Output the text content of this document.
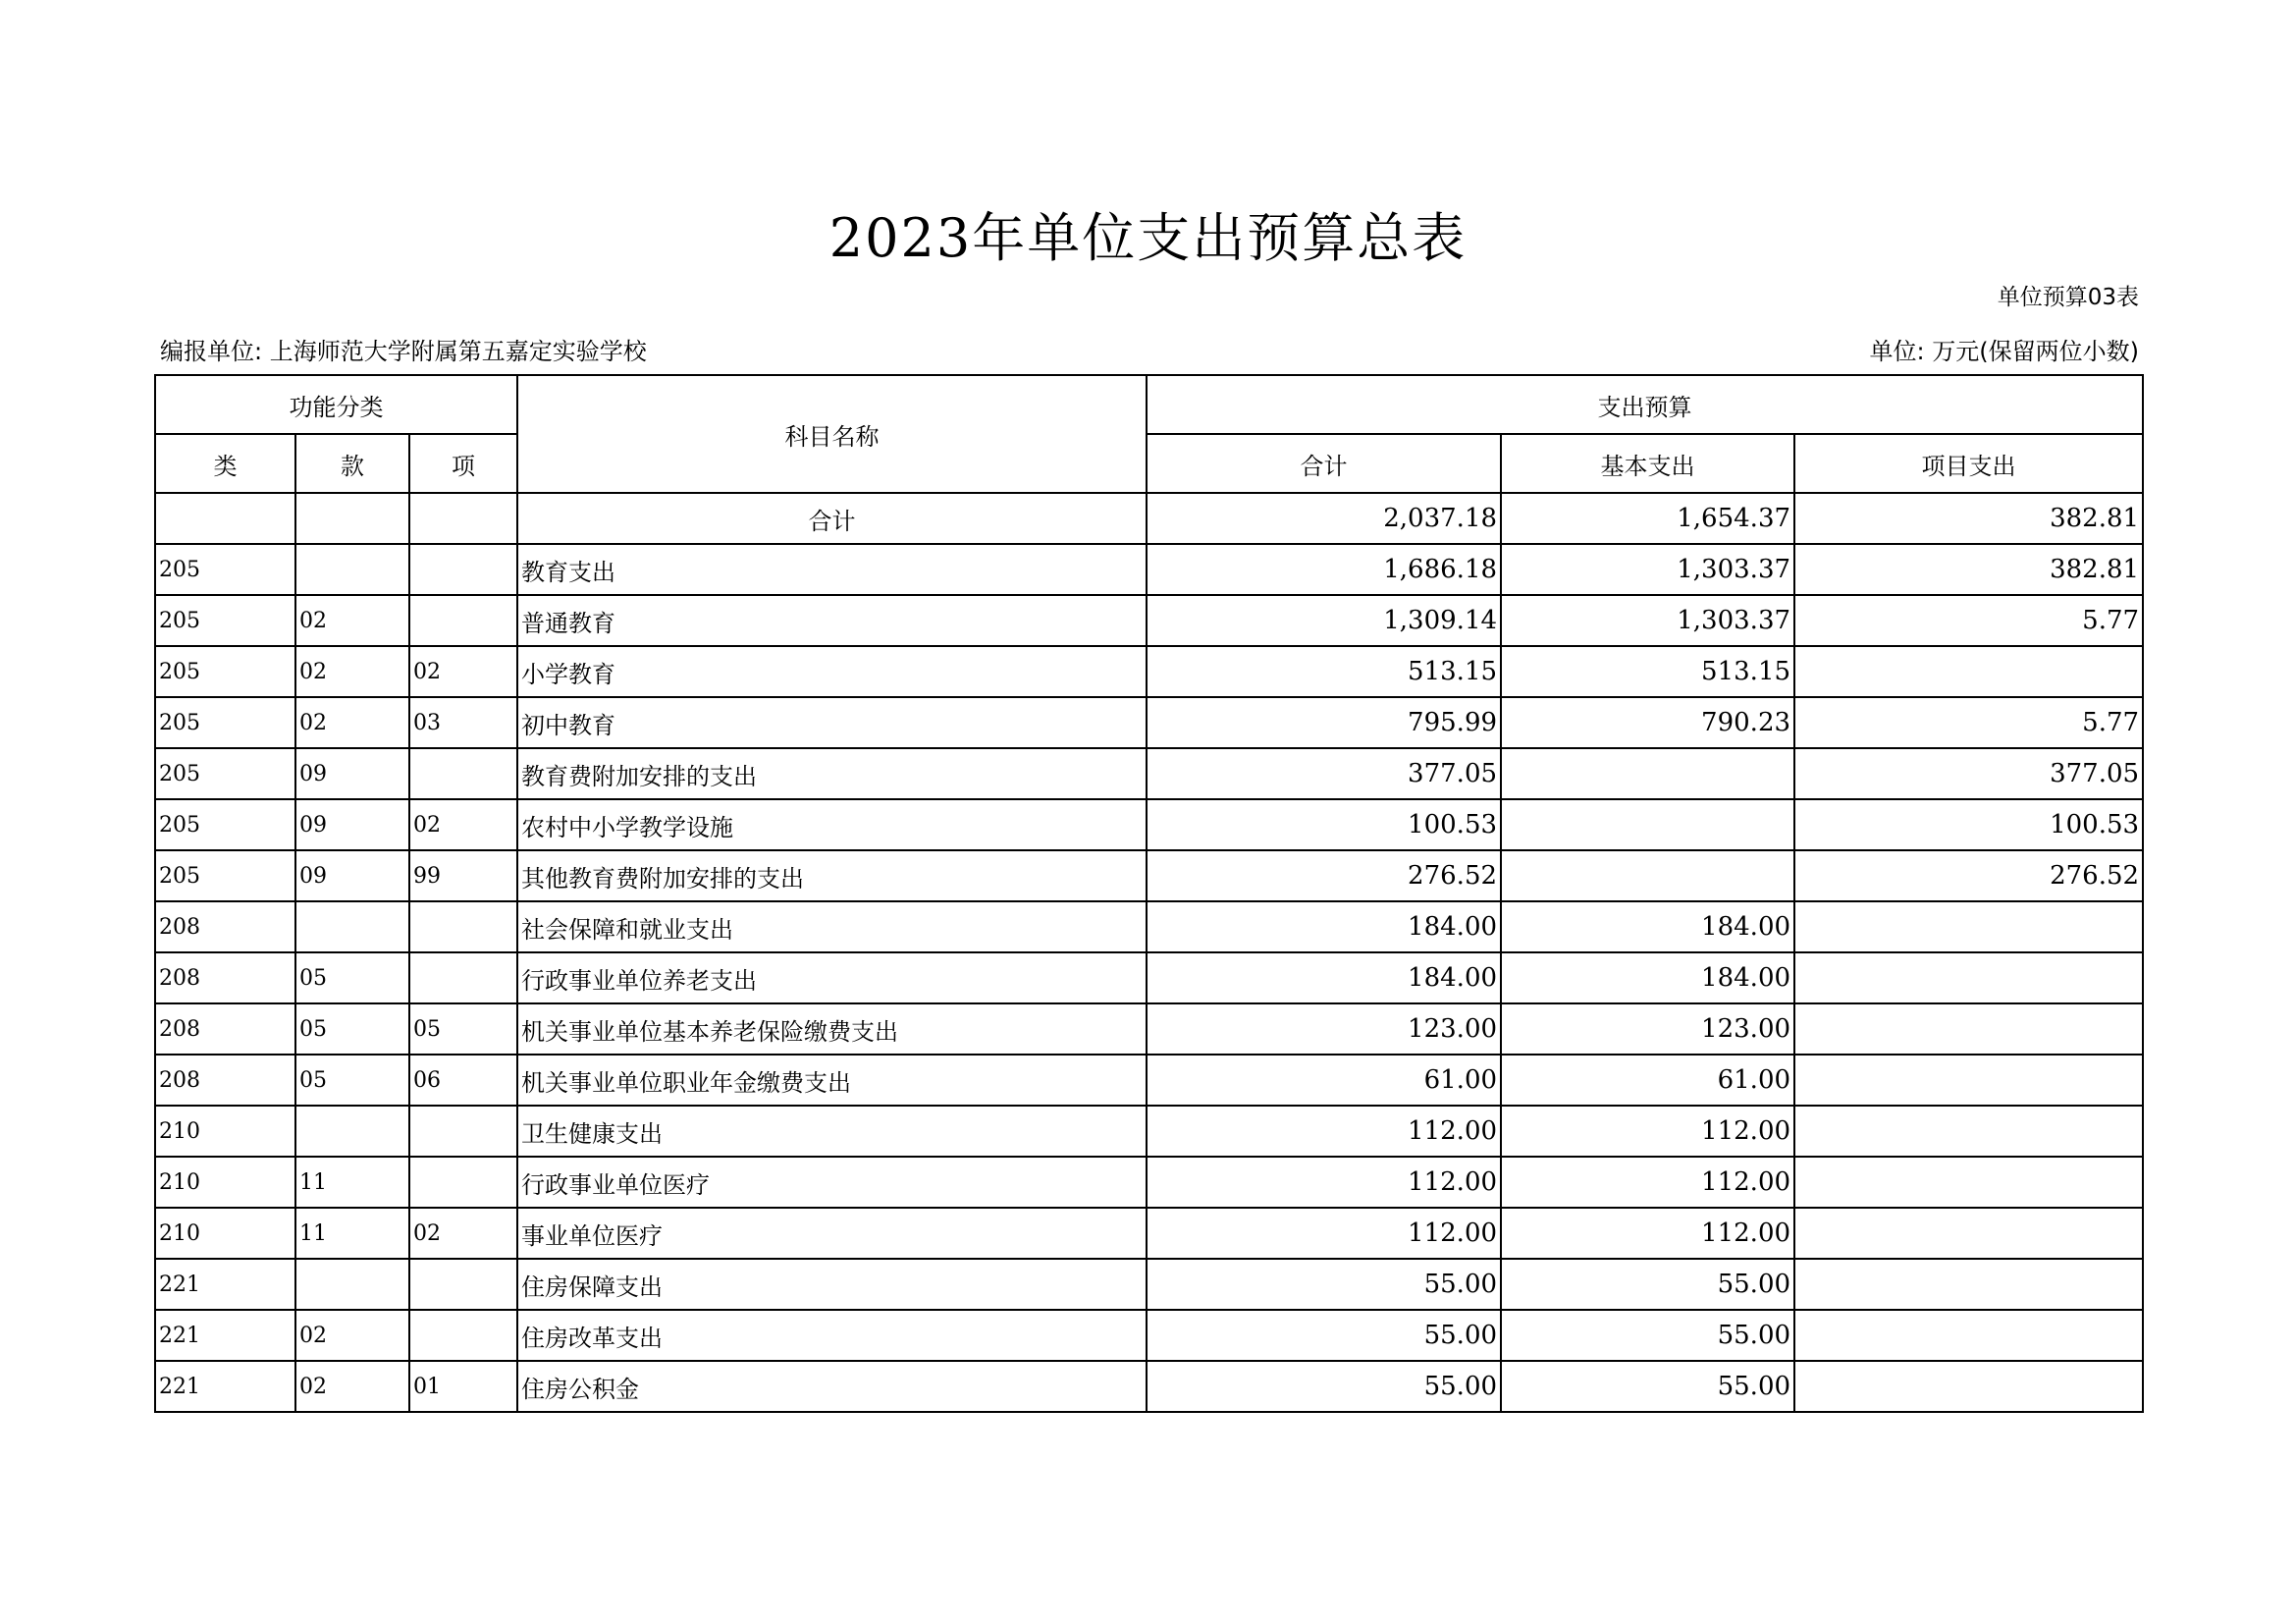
2023年单位支出预算总表
单位预算03表
编报单位: 上海师范大学附属第五嘉定实验学校	单位: 万元(保留两位小数)
功能分类			科目名称	支出预算		
类	款	项		合计	基本支出	项目支出
			合计	2,037.18	1,654.37	382.81
205			教育支出	1,686.18	1,303.37	382.81
205	02		普通教育	1,309.14	1,303.37	5.77
205	02	02	小学教育	513.15	513.15	
205	02	03	初中教育	795.99	790.23	5.77
205	09		教育费附加安排的支出	377.05		377.05
205	09	02	农村中小学教学设施	100.53		100.53
205	09	99	其他教育费附加安排的支出	276.52		276.52
208			社会保障和就业支出	184.00	184.00	
208	05		行政事业单位养老支出	184.00	184.00	
208	05	05	机关事业单位基本养老保险缴费支出	123.00	123.00	
208	05	06	机关事业单位职业年金缴费支出	61.00	61.00	
210			卫生健康支出	112.00	112.00	
210	11		行政事业单位医疗	112.00	112.00	
210	11	02	事业单位医疗	112.00	112.00	
221			住房保障支出	55.00	55.00	
221	02		住房改革支出	55.00	55.00	
221	02	01	住房公积金	55.00	55.00	
